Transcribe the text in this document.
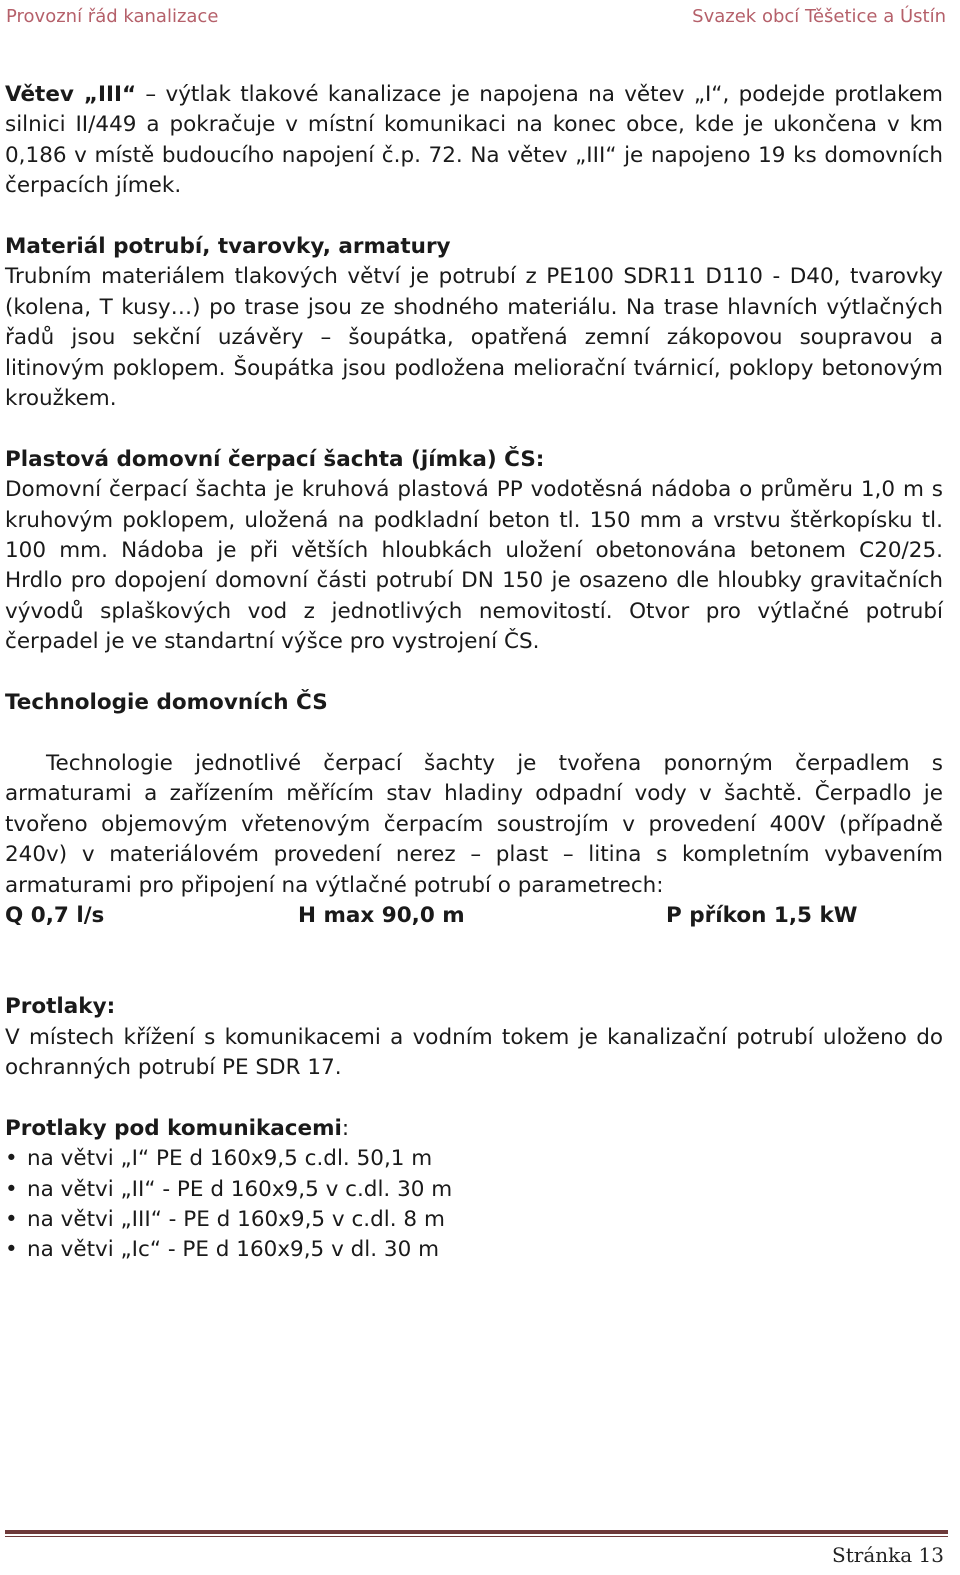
Provozní řád kanalizace	Svazek obcí Těšetice a Ústín

Větev „III“ – výtlak tlakové kanalizace je napojena na větev „I“, podejde protlakem silnici II/449 a pokračuje v místní komunikaci na konec obce, kde je ukončena v km 0,186 v místě budoucího napojení č.p. 72. Na větev „III“ je napojeno 19 ks domovních čerpacích jímek.

Materiál potrubí, tvarovky, armatury

Trubním materiálem tlakových větví je potrubí z PE100 SDR11 D110 - D40, tvarovky (kolena, T kusy…) po trase jsou ze shodného materiálu. Na trase hlavních výtlačných řadů jsou sekční uzávěry – šoupátka, opatřená zemní zákopovou soupravou a litinovým poklopem. Šoupátka jsou podložena meliorační tvárnicí, poklopy betonovým kroužkem.

Plastová domovní čerpací šachta (jímka) ČS:

Domovní čerpací šachta je kruhová plastová PP vodotěsná nádoba o průměru 1,0 m s kruhovým poklopem, uložená na podkladní beton tl. 150 mm a vrstvu štěrkopísku tl. 100 mm. Nádoba je při větších hloubkách uložení obetonována betonem C20/25. Hrdlo pro dopojení domovní části potrubí DN 150 je osazeno dle hloubky gravitačních vývodů splaškových vod z jednotlivých nemovitostí. Otvor pro výtlačné potrubí čerpadel je ve standartní výšce pro vystrojení ČS.

Technologie domovních ČS

Technologie jednotlivé čerpací šachty je tvořena ponorným čerpadlem s armaturami a zařízením měřícím stav hladiny odpadní vody v šachtě. Čerpadlo je tvořeno objemovým vřetenovým čerpacím soustrojím v provedení 400V (případně 240v) v materiálovém provedení nerez – plast – litina s kompletním vybavením armaturami pro připojení na výtlačné potrubí o parametrech:

Q 0,7 l/s	H max 90,0 m	P příkon 1,5 kW

Protlaky:

V místech křížení s komunikacemi a vodním tokem je kanalizační potrubí uloženo do ochranných potrubí PE SDR 17.

Protlaky pod komunikacemi:

• na větvi „I“ PE d 160x9,5 c.dl. 50,1 m
• na větvi „II“ - PE d 160x9,5 v c.dl. 30 m
• na větvi „III“ - PE d 160x9,5 v c.dl. 8 m
• na větvi „Ic“ - PE d 160x9,5 v dl. 30 m
Stránka 13
